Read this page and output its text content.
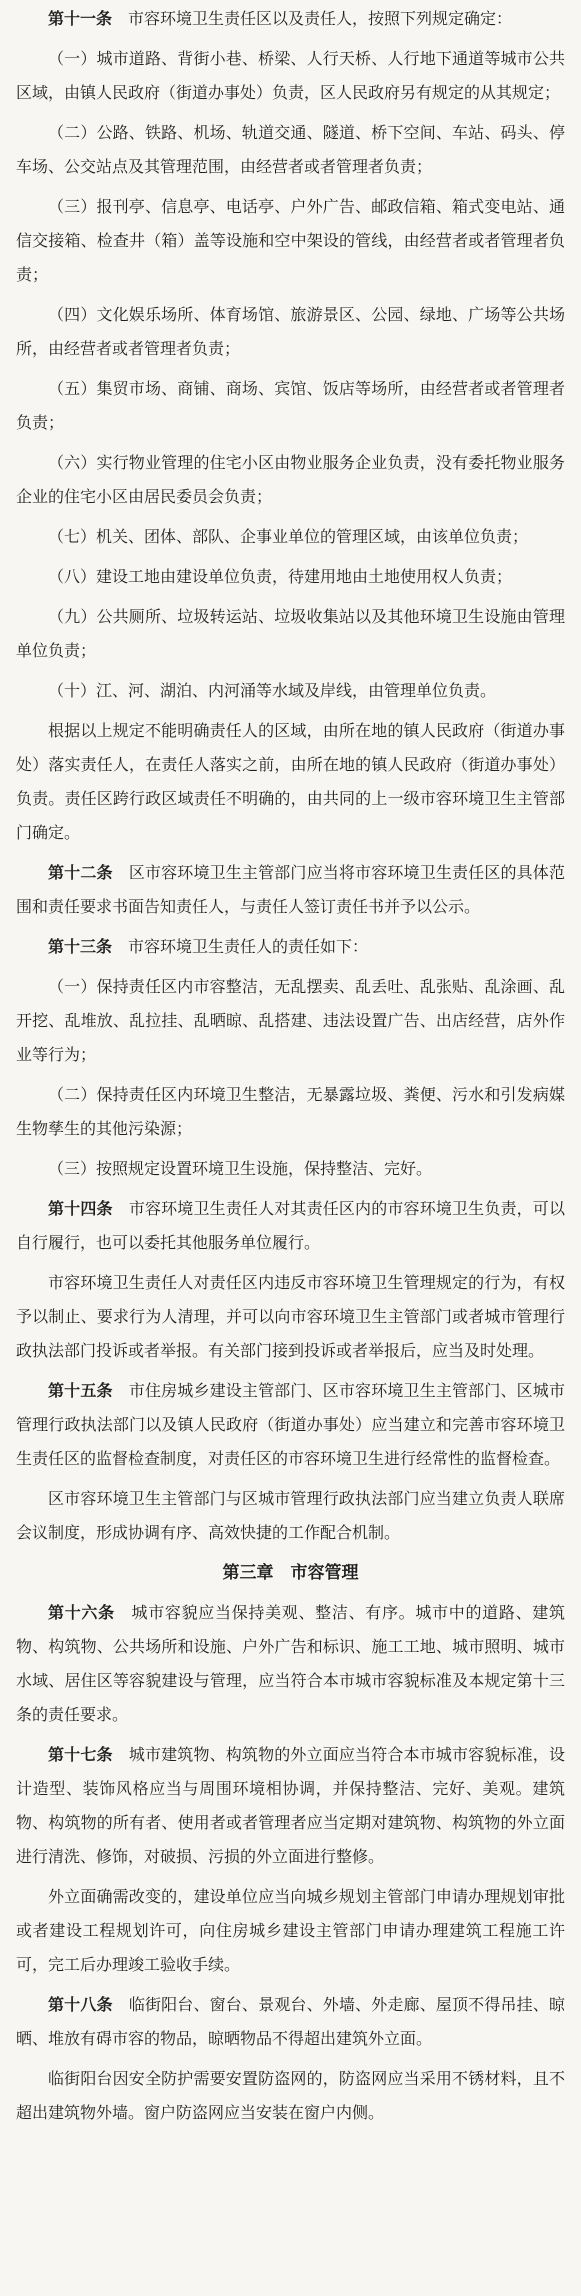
第十一条　 市容环境卫生责任区以及责任人，按照下列规定确定：

（一）城市道路、背街小巷、桥梁、人行天桥、人行地下通道等城市公共区域，由镇人民政府（街道办事处）负责，区人民政府另有规定的从其规定；

（二）公路、铁路、机场、轨道交通、隧道、桥下空间、车站、码头、停车场、公交站点及其管理范围，由经营者或者管理者负责；

（三）报刊亭、信息亭、电话亭、户外广告、邮政信箱、箱式变电站、通信交接箱、检查井（箱）盖等设施和空中架设的管线，由经营者或者管理者负责；

（四）文化娱乐场所、体育场馆、旅游景区、公园、绿地、广场等公共场所，由经营者或者管理者负责；

（五）集贸市场、商铺、商场、宾馆、饭店等场所，由经营者或者管理者负责；

（六）实行物业管理的住宅小区由物业服务企业负责，没有委托物业服务企业的住宅小区由居民委员会负责；

（七）机关、团体、部队、企事业单位的管理区域，由该单位负责；

（八）建设工地由建设单位负责，待建用地由土地使用权人负责；

（九）公共厕所、垃圾转运站、垃圾收集站以及其他环境卫生设施由管理单位负责；

（十）江、河、湖泊、内河涌等水域及岸线，由管理单位负责。

根据以上规定不能明确责任人的区域，由所在地的镇人民政府（街道办事处）落实责任人，在责任人落实之前，由所在地的镇人民政府（街道办事处）负责。责任区跨行政区域责任不明确的，由共同的上一级市容环境卫生主管部门确定。

第十二条　 区市容环境卫生主管部门应当将市容环境卫生责任区的具体范围和责任要求书面告知责任人，与责任人签订责任书并予以公示。

第十三条　 市容环境卫生责任人的责任如下：

（一）保持责任区内市容整洁，无乱摆卖、乱丢吐、乱张贴、乱涂画、乱开挖、乱堆放、乱拉挂、乱晒晾、乱搭建、违法设置广告、出店经营，店外作业等行为；

（二）保持责任区内环境卫生整洁，无暴露垃圾、粪便、污水和引发病媒生物孳生的其他污染源；

（三）按照规定设置环境卫生设施，保持整洁、完好。

第十四条　 市容环境卫生责任人对其责任区内的市容环境卫生负责，可以自行履行，也可以委托其他服务单位履行。

市容环境卫生责任人对责任区内违反市容环境卫生管理规定的行为，有权予以制止、要求行为人清理，并可以向市容环境卫生主管部门或者城市管理行政执法部门投诉或者举报。有关部门接到投诉或者举报后，应当及时处理。

第十五条　 市住房城乡建设主管部门、区市容环境卫生主管部门、区城市管理行政执法部门以及镇人民政府（街道办事处）应当建立和完善市容环境卫生责任区的监督检查制度，对责任区的市容环境卫生进行经常性的监督检查。

区市容环境卫生主管部门与区城市管理行政执法部门应当建立负责人联席会议制度，形成协调有序、高效快捷的工作配合机制。

第三章　市容管理

第十六条　 城市容貌应当保持美观、整洁、有序。城市中的道路、建筑物、构筑物、公共场所和设施、户外广告和标识、施工工地、城市照明、城市水域、居住区等容貌建设与管理，应当符合本市城市容貌标准及本规定第十三条的责任要求。

第十七条　 城市建筑物、构筑物的外立面应当符合本市城市容貌标准，设计造型、装饰风格应当与周围环境相协调，并保持整洁、完好、美观。建筑物、构筑物的所有者、使用者或者管理者应当定期对建筑物、构筑物的外立面进行清洗、修饰，对破损、污损的外立面进行整修。

外立面确需改变的，建设单位应当向城乡规划主管部门申请办理规划审批或者建设工程规划许可，向住房城乡建设主管部门申请办理建筑工程施工许可，完工后办理竣工验收手续。

第十八条　 临街阳台、窗台、景观台、外墙、外走廊、屋顶不得吊挂、晾晒、堆放有碍市容的物品，晾晒物品不得超出建筑外立面。

临街阳台因安全防护需要安置防盗网的，防盗网应当采用不锈材料，且不超出建筑物外墙。窗户防盗网应当安装在窗户内侧。
